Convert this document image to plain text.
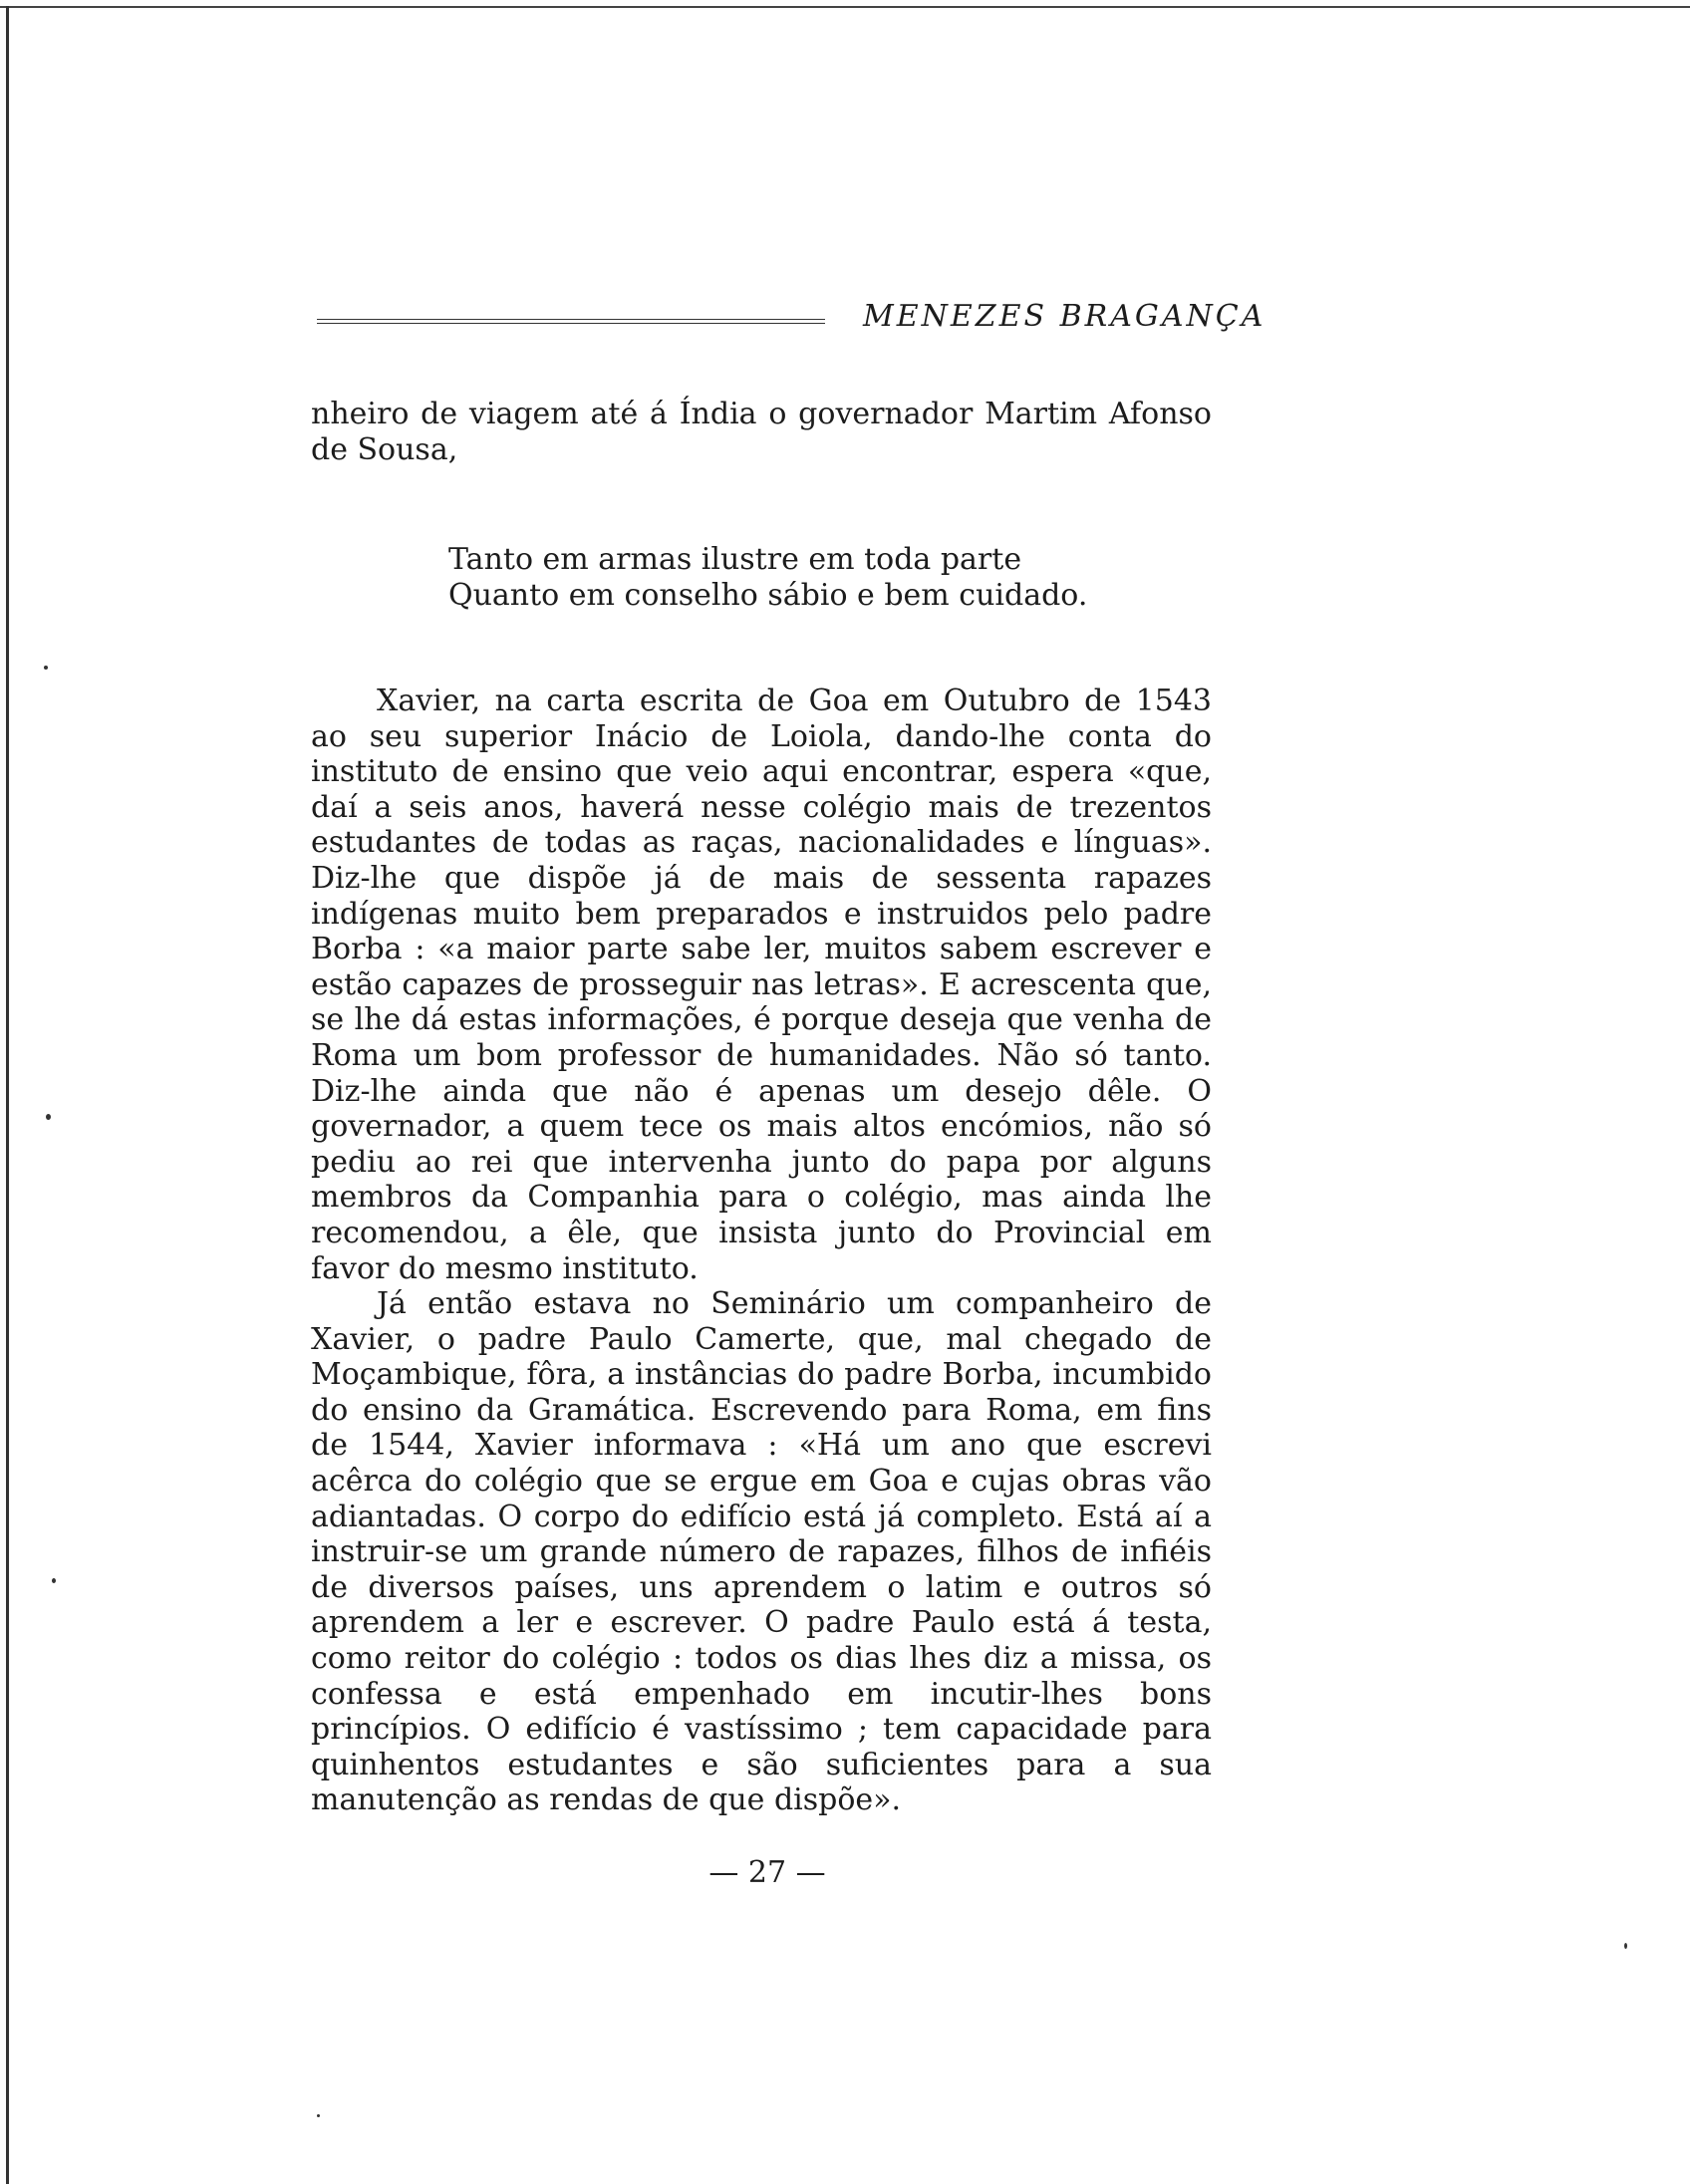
MENEZES BRAGANÇA

nheiro de viagem até á Índia o governador Martim Afonso de Sousa,

Tanto em armas ilustre em toda parte
Quanto em conselho sábio e bem cuidado.

Xavier, na carta escrita de Goa em Outubro de 1543 ao seu superior Inácio de Loiola, dando-lhe conta do instituto de ensino que veio aqui encontrar, espera «que, daí a seis anos, haverá nesse colégio mais de trezentos estudantes de todas as raças, nacionalidades e línguas». Diz-lhe que dispõe já de mais de sessenta rapazes indígenas muito bem preparados e instruidos pelo padre Borba : «a maior parte sabe ler, muitos sabem escrever e estão capazes de prosseguir nas letras». E acrescenta que, se lhe dá estas informações, é porque deseja que venha de Roma um bom professor de humanidades. Não só tanto. Diz-lhe ainda que não é apenas um desejo dêle. O governador, a quem tece os mais altos encómios, não só pediu ao rei que intervenha junto do papa por alguns membros da Companhia para o colégio, mas ainda lhe recomendou, a êle, que insista junto do Provincial em favor do mesmo instituto.

Já então estava no Seminário um companheiro de Xavier, o padre Paulo Camerte, que, mal chegado de Moçambique, fôra, a instâncias do padre Borba, incumbido do ensino da Gramática. Escrevendo para Roma, em fins de 1544, Xavier informava : «Há um ano que escrevi acêrca do colégio que se ergue em Goa e cujas obras vão adiantadas. O corpo do edifício está já completo. Está aí a instruir-se um grande número de rapazes, filhos de infiéis de diversos países, uns aprendem o latim e outros só aprendem a ler e escrever. O padre Paulo está á testa, como reitor do colégio : todos os dias lhes diz a missa, os confessa e está empenhado em incutir-lhes bons princípios. O edifício é vastíssimo ; tem capacidade para quinhentos estudantes e são suficientes para a sua manutenção as rendas de que dispõe».

— 27 —
